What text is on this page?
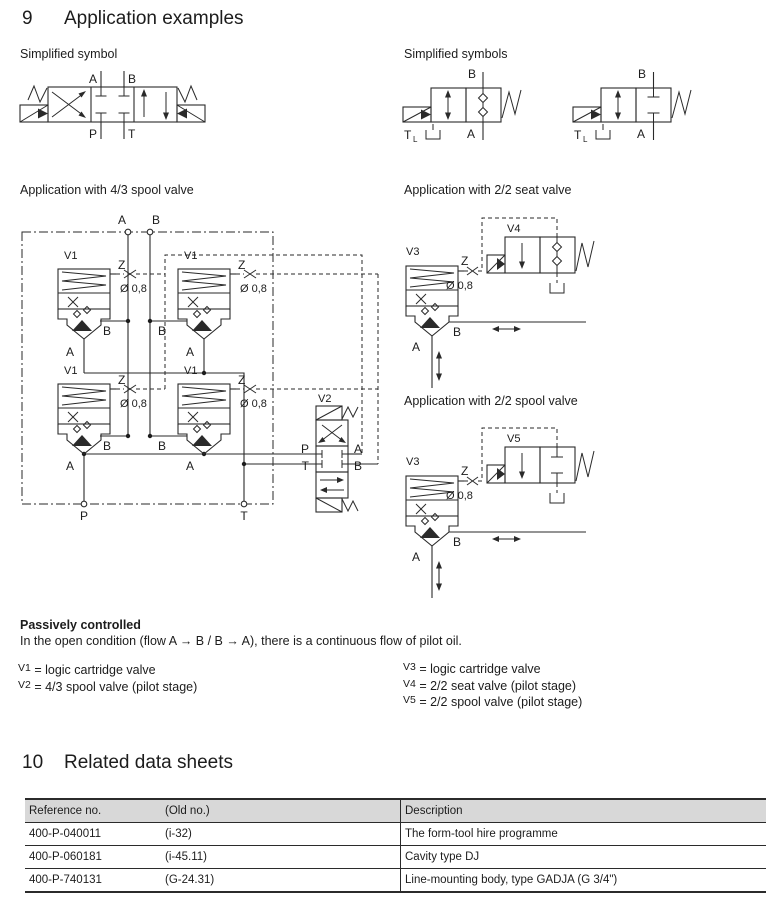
9	Application examples
Simplified symbol
A	B
P	T
Simplified symbols
B
A
T L
B
A
T L
Application with 4/3 spool valve
A B
P	T
V1	V1
V1	V1
V2
Z	Z
Z	Z
Ø 0,8	Ø 0,8
Ø 0,8	Ø 0,8
B	B
B	B
A	A
A	A
P	A
T	B
Application with 2/2 seat valve
V3
V4
Z
Ø 0,8
B
A
Application with 2/2 spool valve
V3
V5
Z
Ø 0,8
B
A
Passively controlled
In the open condition (flow A → B / B → A), there is a continuous flow of pilot oil.
$^{V1}$ = logic cartridge valve
$^{V2}$ = 4/3 spool valve (pilot stage)
$^{V3}$ = logic cartridge valve
$^{V4}$ = 2/2 seat valve (pilot stage)
$^{V5}$ = 2/2 spool valve (pilot stage)
10	Related data sheets
Reference no.	(Old no.)	Description
400-P-040011	(i-32)	The form-tool hire programme
400-P-060181	(i-45.11)	Cavity type DJ
400-P-740131	(G-24.31)	Line-mounting body, type GADJA (G 3/4")
